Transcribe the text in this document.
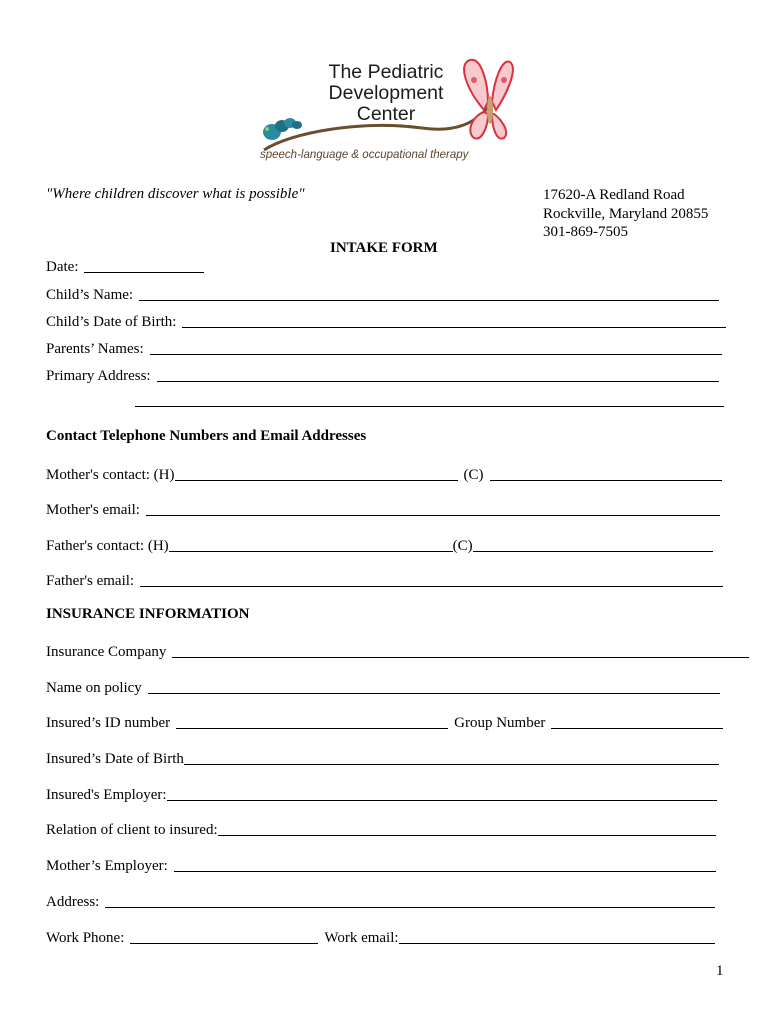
The Pediatric
Development
Center
speech-language & occupational therapy
"Where children discover what is possible"	17620-A Redland Road
Rockville, Maryland 20855
301-869-7505
INTAKE FORM
Date:
Child’s Name:
Child’s Date of Birth:
Parents’ Names:
Primary Address:
Contact Telephone Numbers and Email Addresses
Mother's contact: (H)	(C)
Mother's email:
Father's contact: (H)	(C)
Father's email:
INSURANCE INFORMATION
Insurance Company
Name on policy
Insured’s ID number	Group Number
Insured’s Date of Birth
Insured's Employer:
Relation of client to insured:
Mother’s Employer:
Address:
Work Phone:	Work email:
1
